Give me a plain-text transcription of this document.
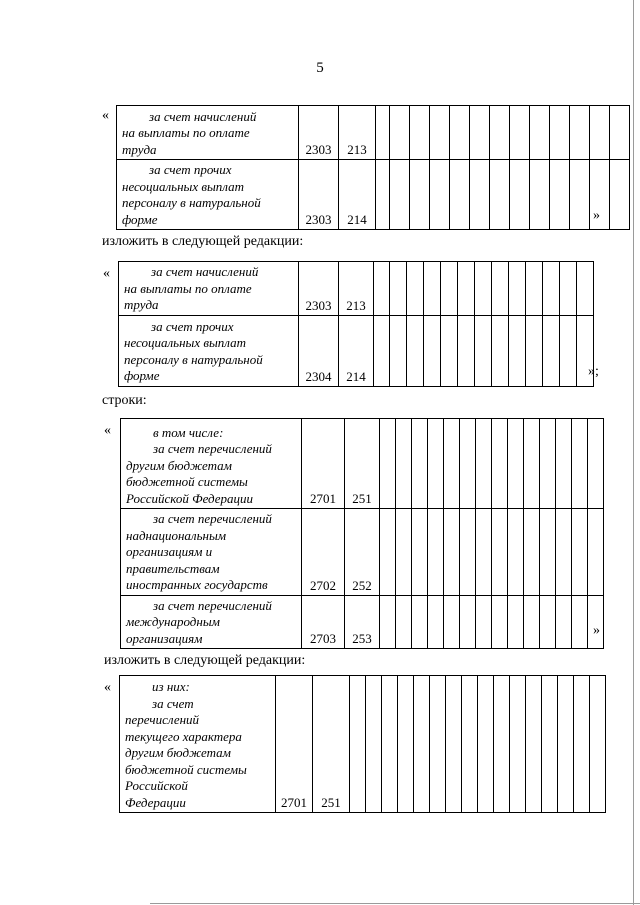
5
«	за счет начислений
на выплаты по оплате
труда	2303	213													

за счет прочих
несоциальных выплат
персоналу в натуральной
форме	2303	214														»
изложить в следующей редакции:
«	за счет начислений
на выплаты по оплате
труда	2303	213													

за счет прочих
несоциальных выплат
персоналу в натуральной
форме	2304	214														»;
строки:
«	в том числе:
за счет перечислений
другим бюджетам
бюджетной системы
Российской Федерации	2701	251														

за счет перечислений
наднациональным
организациям и
правительствам
иностранных государств	2702	252														

за счет перечислений
международным
организациям	2703	253														
»
изложить в следующей редакции:
«	из них:
за счет
перечислений
текущего характера
другим бюджетам
бюджетной системы
Российской
Федерации	2701	251																
